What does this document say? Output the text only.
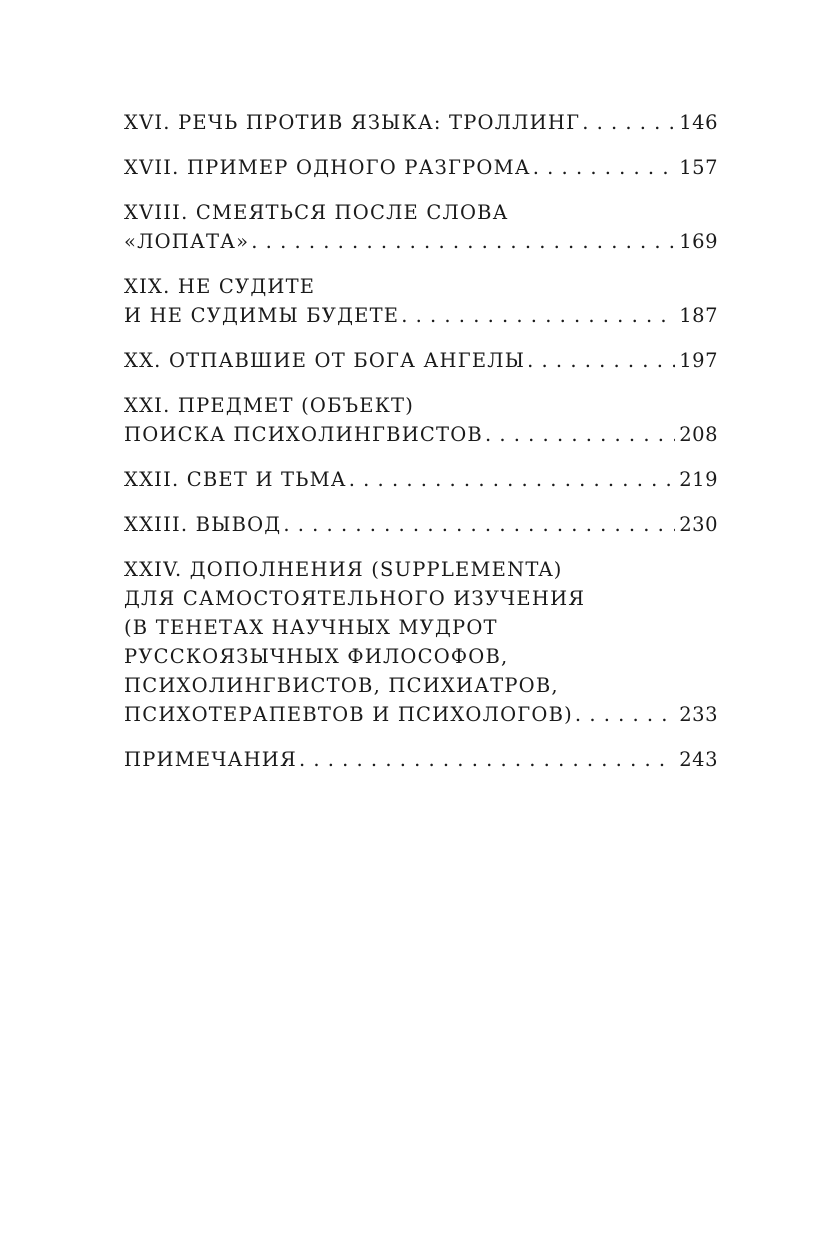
XVI. РЕЧЬ ПРОТИВ ЯЗЫКА: ТРОЛЛИНГ . . .	146
XVII. ПРИМЕР ОДНОГО РАЗГРОМА . . .	157
XVIII. СМЕЯТЬСЯ ПОСЛЕ СЛОВА
«ЛОПАТА» . . .	169
XIX. НЕ СУДИТЕ
И НЕ СУДИМЫ БУДЕТЕ . . .	187
XX. ОТПАВШИЕ ОТ БОГА АНГЕЛЫ . . .	197
XXI. ПРЕДМЕТ (ОБЪЕКТ)
ПОИСКА ПСИХОЛИНГВИСТОВ . . .	208
XXII. СВЕТ И ТЬМА . . .	219
XXIII. ВЫВОД . . .	230
XXIV. ДОПОЛНЕНИЯ (SUPPLEMENTA)
ДЛЯ САМОСТОЯТЕЛЬНОГО ИЗУЧЕНИЯ
(В ТЕНЕТАХ НАУЧНЫХ МУДРОТ
РУССКОЯЗЫЧНЫХ ФИЛОСОФОВ,
ПСИХОЛИНГВИСТОВ, ПСИХИАТРОВ,
ПСИХОТЕРАПЕВТОВ И ПСИХОЛОГОВ) . . .	233
ПРИМЕЧАНИЯ . . .	243
